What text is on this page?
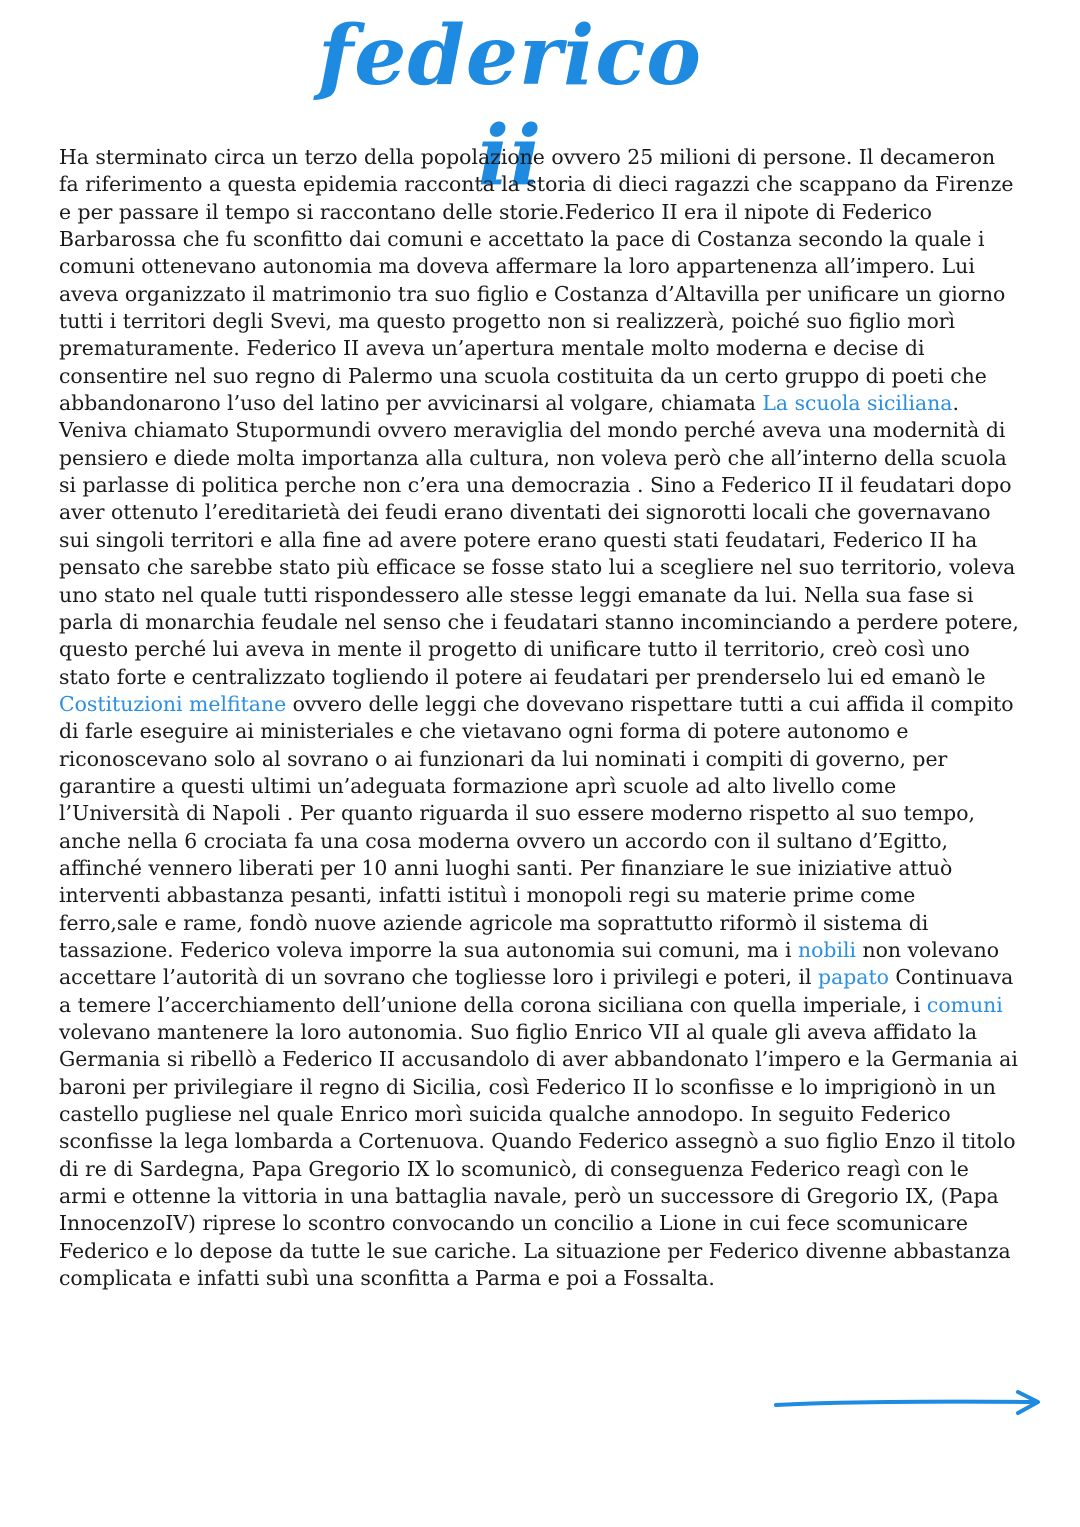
federico ii

Ha sterminato circa un terzo della popolazione ovvero 25 milioni di persone. Il decameron fa riferimento a questa epidemia racconta la storia di dieci ragazzi che scappano da Firenze e per passare il tempo si raccontano delle storie.Federico II era il nipote di Federico Barbarossa che fu sconfitto dai comuni e accettato la pace di Costanza secondo la quale i comuni ottenevano autonomia ma doveva affermare la loro appartenenza all’impero. Lui aveva organizzato il matrimonio tra suo figlio e Costanza d’Altavilla per unificare un giorno tutti i territori degli Svevi, ma questo progetto non si realizzerà, poiché suo figlio morì prematuramente. Federico II aveva un’apertura mentale molto moderna e decise di consentire nel suo regno di Palermo una scuola costituita da un certo gruppo di poeti che abbandonarono l’uso del latino per avvicinarsi al volgare, chiamata La scuola siciliana. Veniva chiamato Stupormundi ovvero meraviglia del mondo perché aveva una modernità di pensiero e diede molta importanza alla cultura, non voleva però che all’interno della scuola si parlasse di politica perche non c’era una democrazia . Sino a Federico II il feudatari dopo aver ottenuto l’ereditarietà dei feudi erano diventati dei signorotti locali che governavano sui singoli territori e alla fine ad avere potere erano questi stati feudatari, Federico II ha pensato che sarebbe stato più efficace se fosse stato lui a scegliere nel suo territorio, voleva uno stato nel quale tutti rispondessero alle stesse leggi emanate da lui. Nella sua fase si parla di monarchia feudale nel senso che i feudatari stanno incominciando a perdere potere, questo perché lui aveva in mente il progetto di unificare tutto il territorio, creò così uno stato forte e centralizzato togliendo il potere ai feudatari per prenderselo lui ed emanò le Costituzioni melfitane ovvero delle leggi che dovevano rispettare tutti a cui affida il compito di farle eseguire ai ministeriales e che vietavano ogni forma di potere autonomo e riconoscevano solo al sovrano o ai funzionari da lui nominati i compiti di governo, per garantire a questi ultimi un’adeguata formazione aprì scuole ad alto livello come l’Università di Napoli . Per quanto riguarda il suo essere moderno rispetto al suo tempo, anche nella 6 crociata fa una cosa moderna ovvero un accordo con il sultano d’Egitto, affinché vennero liberati per 10 anni luoghi santi. Per finanziare le sue iniziative attuò interventi abbastanza pesanti, infatti istituì i monopoli regi su materie prime come ferro,sale e rame, fondò nuove aziende agricole ma soprattutto riformò il sistema di tassazione. Federico voleva imporre la sua autonomia sui comuni, ma i nobili non volevano accettare l’autorità di un sovrano che togliesse loro i privilegi e poteri, il papato Continuava a temere l’accerchiamento dell’unione della corona siciliana con quella imperiale, i comuni volevano mantenere la loro autonomia. Suo figlio Enrico VII al quale gli aveva affidato la Germania si ribellò a Federico II accusandolo di aver abbandonato l’impero e la Germania ai baroni per privilegiare il regno di Sicilia, così Federico II lo sconfisse e lo imprigionò in un castello pugliese nel quale Enrico morì suicida qualche annodopo. In seguito Federico sconfisse la lega lombarda a Cortenuova. Quando Federico assegnò a suo figlio Enzo il titolo di re di Sardegna, Papa Gregorio IX lo scomunicò, di conseguenza Federico reagì con le armi e ottenne la vittoria in una battaglia navale, però un successore di Gregorio IX, (Papa InnocenzoIV) riprese lo scontro convocando un concilio a Lione in cui fece scomunicare Federico e lo depose da tutte le sue cariche. La situazione per Federico divenne abbastanza complicata e infatti subì una sconfitta a Parma e poi a Fossalta.
